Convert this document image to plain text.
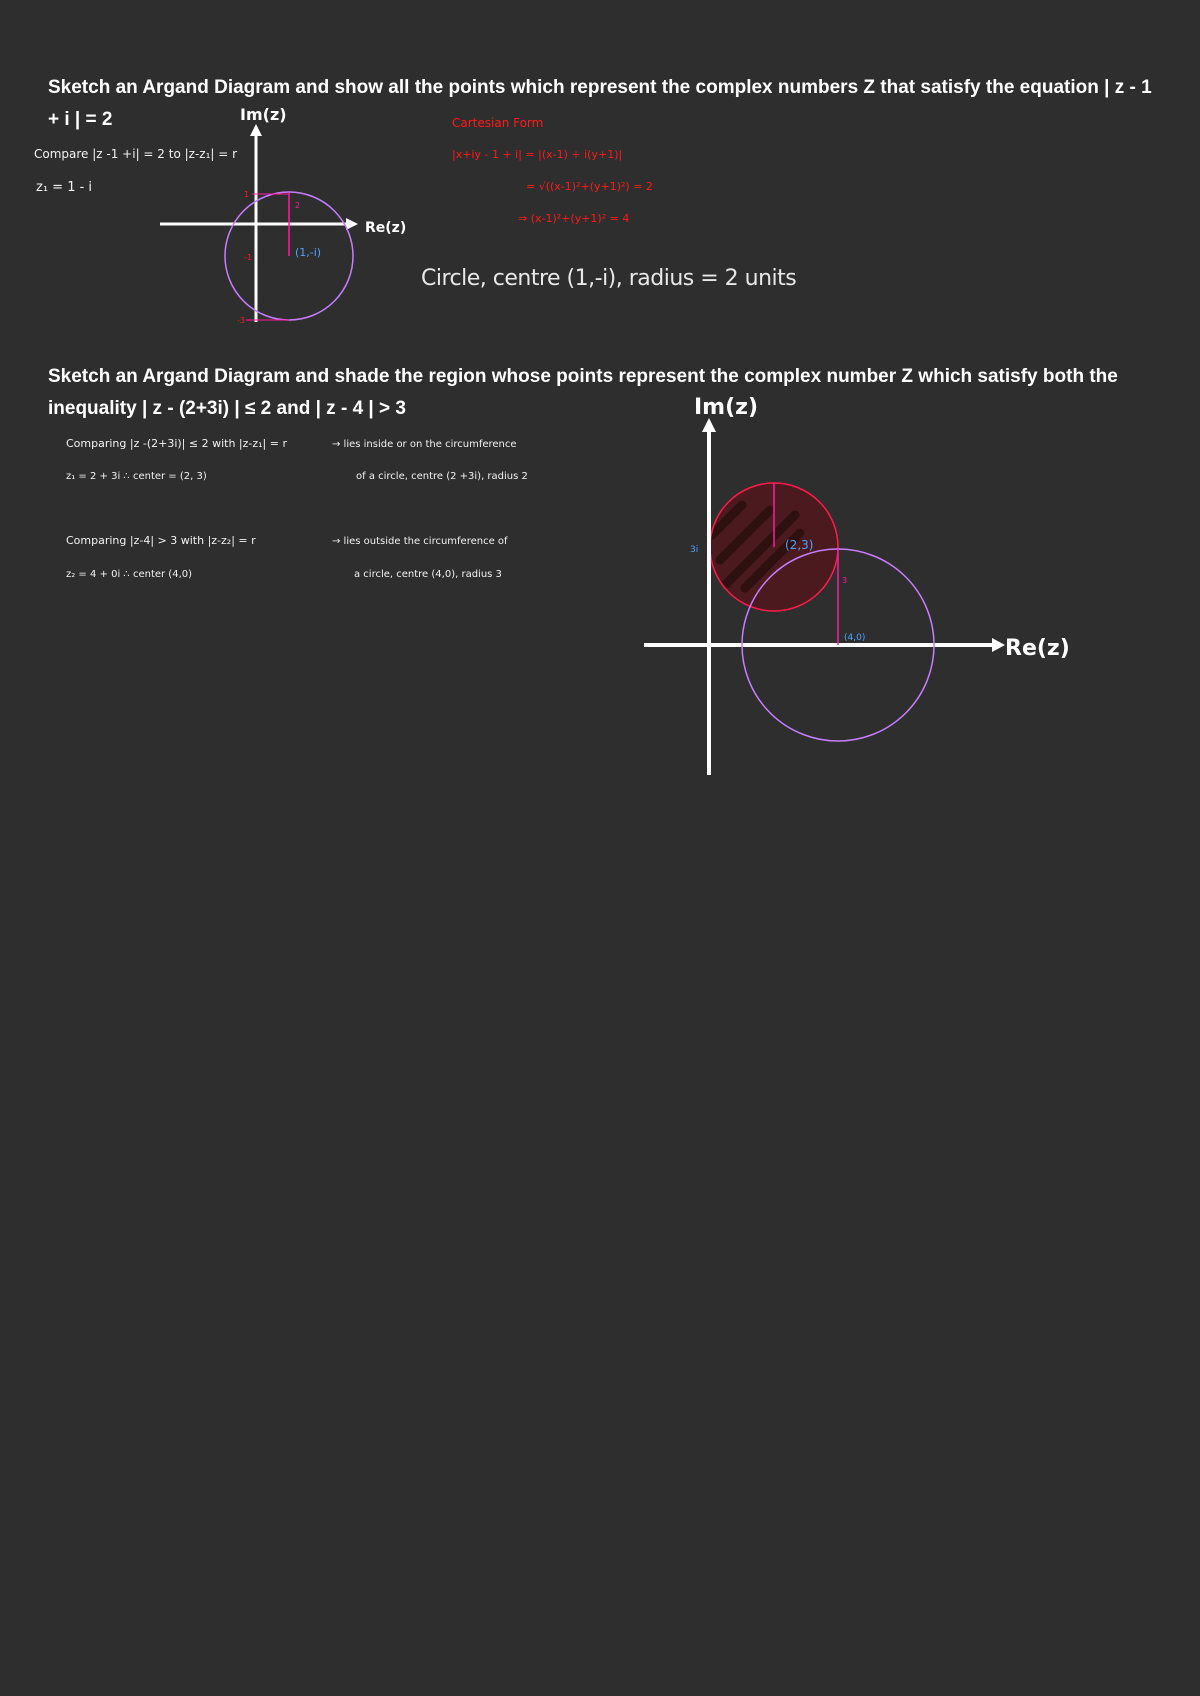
Sketch an Argand Diagram and show all the points which represent the complex numbers Z that satisfy the equation | z - 1 + i | = 2
Sketch an Argand Diagram and shade the region whose points represent the complex number Z which satisfy both the inequality | z - (2+3i) | ≤ 2 and | z - 4 | > 3
Compare |z -1 +i| = 2 to |z-z₁| = r
z₁ = 1 - i
Cartesian Form
|x+iy - 1 + i| = |(x-1) + i(y+1)|
= √((x-1)²+(y+1)²) = 2
⇒ (x-1)²+(y+1)² = 4
Circle, centre (1,-i), radius = 2 units
Comparing |z -(2+3i)| ≤ 2 with |z-z₁| = r
z₁ = 2 + 3i ∴ center = (2, 3)
→ lies inside or on the circumference
of a circle, centre (2 +3i), radius 2
Comparing |z-4| > 3 with |z-z₂| = r
z₂ = 4 + 0i ∴ center (4,0)
→ lies outside the circumference of
a circle, centre (4,0), radius 3
Im(z)
Re(z)
(1,-i)
2
1
-1
-3
Im(z)
Re(z)
(2,3)
(4,0)
3i
3
